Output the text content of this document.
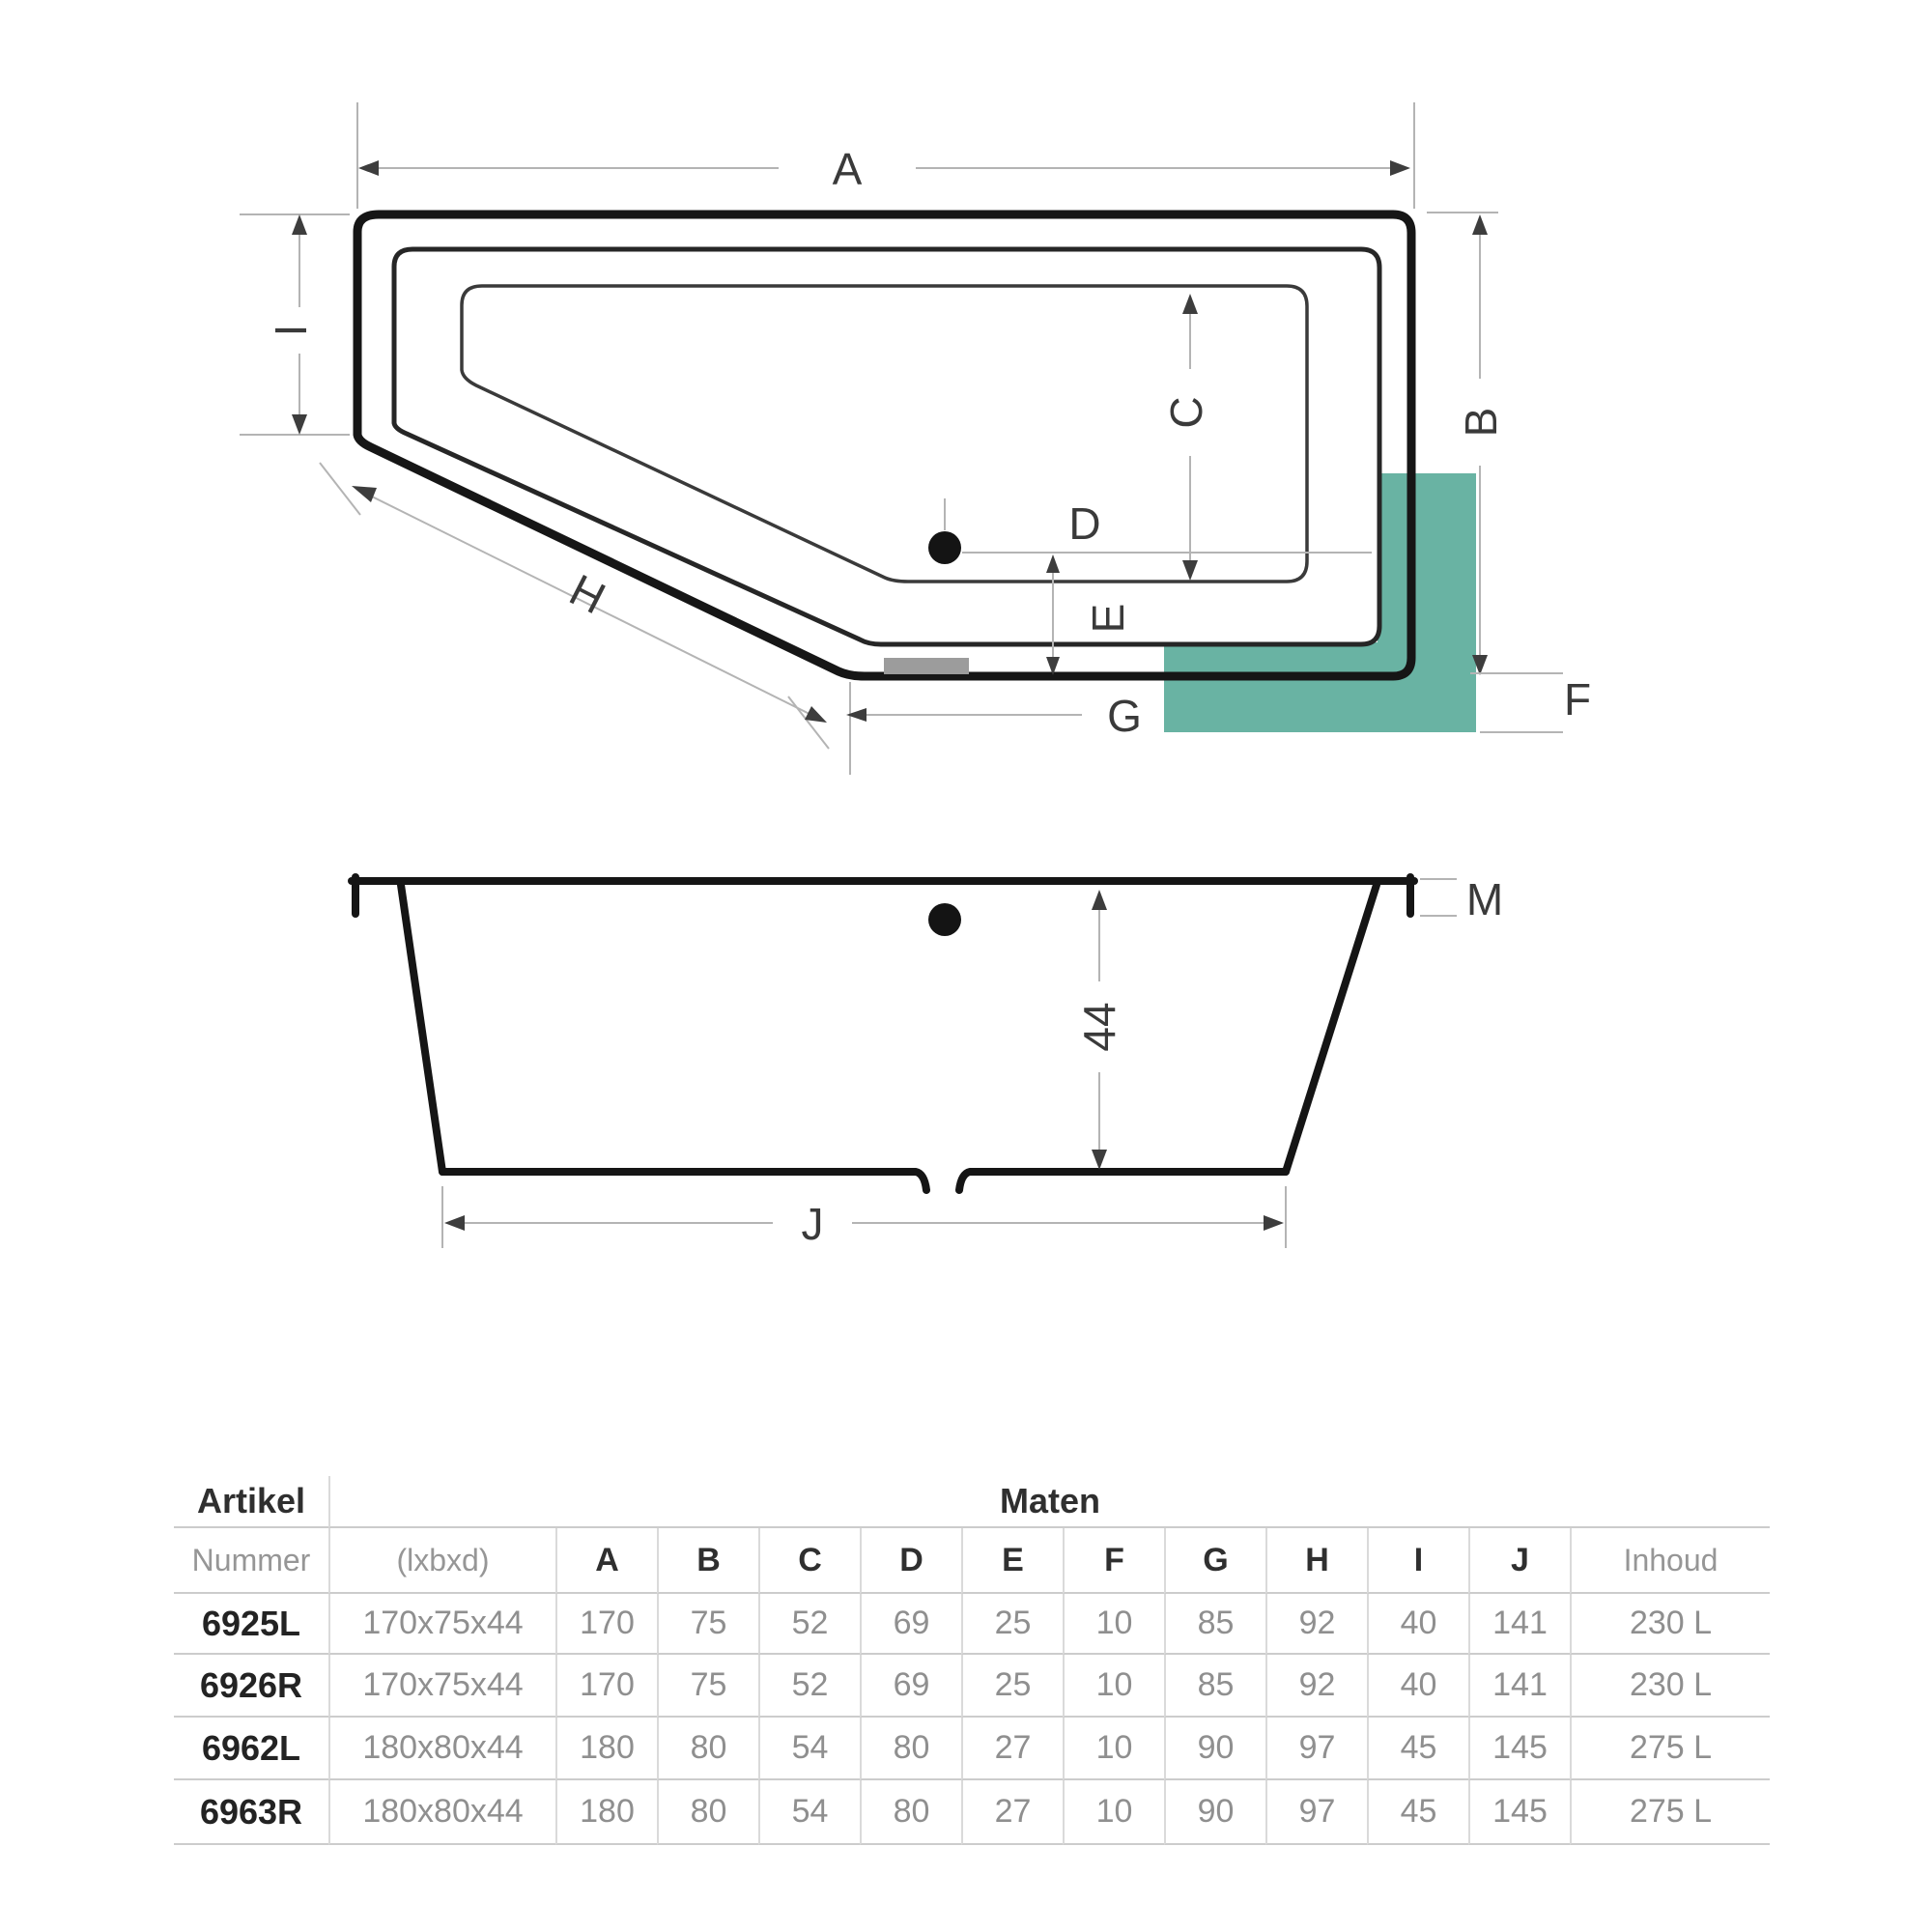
A
B
I
C
D
E
F
G
H
M
44
J
Artikel	Maten
Nummer	(lxbxd)	A	B	C	D	E	F	G	H	I	J	Inhoud
6925L	170x75x44	170	75	52	69	25	10	85	92	40	141	230 L
6926R	170x75x44	170	75	52	69	25	10	85	92	40	141	230 L
6962L	180x80x44	180	80	54	80	27	10	90	97	45	145	275 L
6963R	180x80x44	180	80	54	80	27	10	90	97	45	145	275 L
